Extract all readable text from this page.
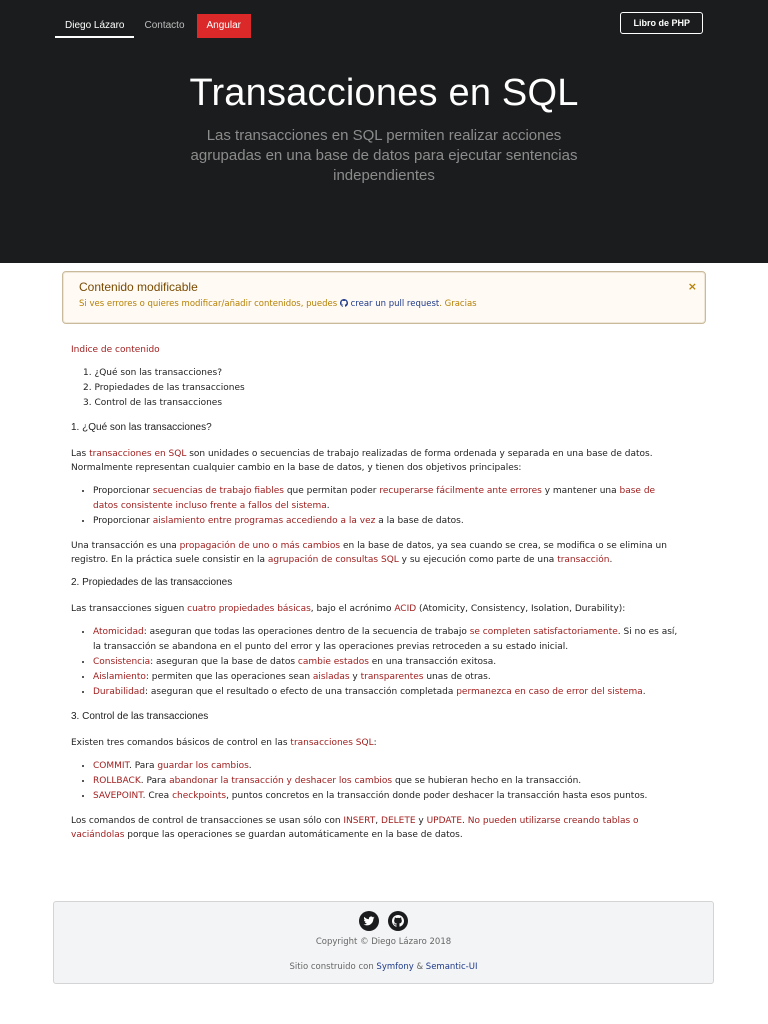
Diego Lázaro	Contacto	Angular	Libro de PHP
Transacciones en SQL
Las transacciones en SQL permiten realizar acciones agrupadas en una base de datos para ejecutar sentencias independientes
Contenido modificable
Si ves errores o quieres modificar/añadir contenidos, puedes crear un pull request. Gracias
×
Indice de contenido
1. ¿Qué son las transacciones?
2. Propiedades de las transacciones
3. Control de las transacciones
1. ¿Qué son las transacciones?

Las transacciones en SQL son unidades o secuencias de trabajo realizadas de forma ordenada y separada en una base de datos. Normalmente representan cualquier cambio en la base de datos, y tienen dos objetivos principales:

• Proporcionar secuencias de trabajo fiables que permitan poder recuperarse fácilmente ante errores y mantener una base de datos consistente incluso frente a fallos del sistema.
• Proporcionar aislamiento entre programas accediendo a la vez a la base de datos.

Una transacción es una propagación de uno o más cambios en la base de datos, ya sea cuando se crea, se modifica o se elimina un registro. En la práctica suele consistir en la agrupación de consultas SQL y su ejecución como parte de una transacción.

2. Propiedades de las transacciones

Las transacciones siguen cuatro propiedades básicas, bajo el acrónimo ACID (Atomicity, Consistency, Isolation, Durability):

• Atomicidad: aseguran que todas las operaciones dentro de la secuencia de trabajo se completen satisfactoriamente. Si no es así, la transacción se abandona en el punto del error y las operaciones previas retroceden a su estado inicial.
• Consistencia: aseguran que la base de datos cambie estados en una transacción exitosa.
• Aislamiento: permiten que las operaciones sean aisladas y transparentes unas de otras.
• Durabilidad: aseguran que el resultado o efecto de una transacción completada permanezca en caso de error del sistema.
3. Control de las transacciones

Existen tres comandos básicos de control en las transacciones SQL:

• COMMIT. Para guardar los cambios.
• ROLLBACK. Para abandonar la transacción y deshacer los cambios que se hubieran hecho en la transacción.
• SAVEPOINT. Crea checkpoints, puntos concretos en la transacción donde poder deshacer la transacción hasta esos puntos.

Los comandos de control de transacciones se usan sólo con INSERT, DELETE y UPDATE. No pueden utilizarse creando tablas o vaciándolas porque las operaciones se guardan automáticamente en la base de datos.

Copyright © Diego Lázaro 2018
Sitio construido con Symfony & Semantic-UI
